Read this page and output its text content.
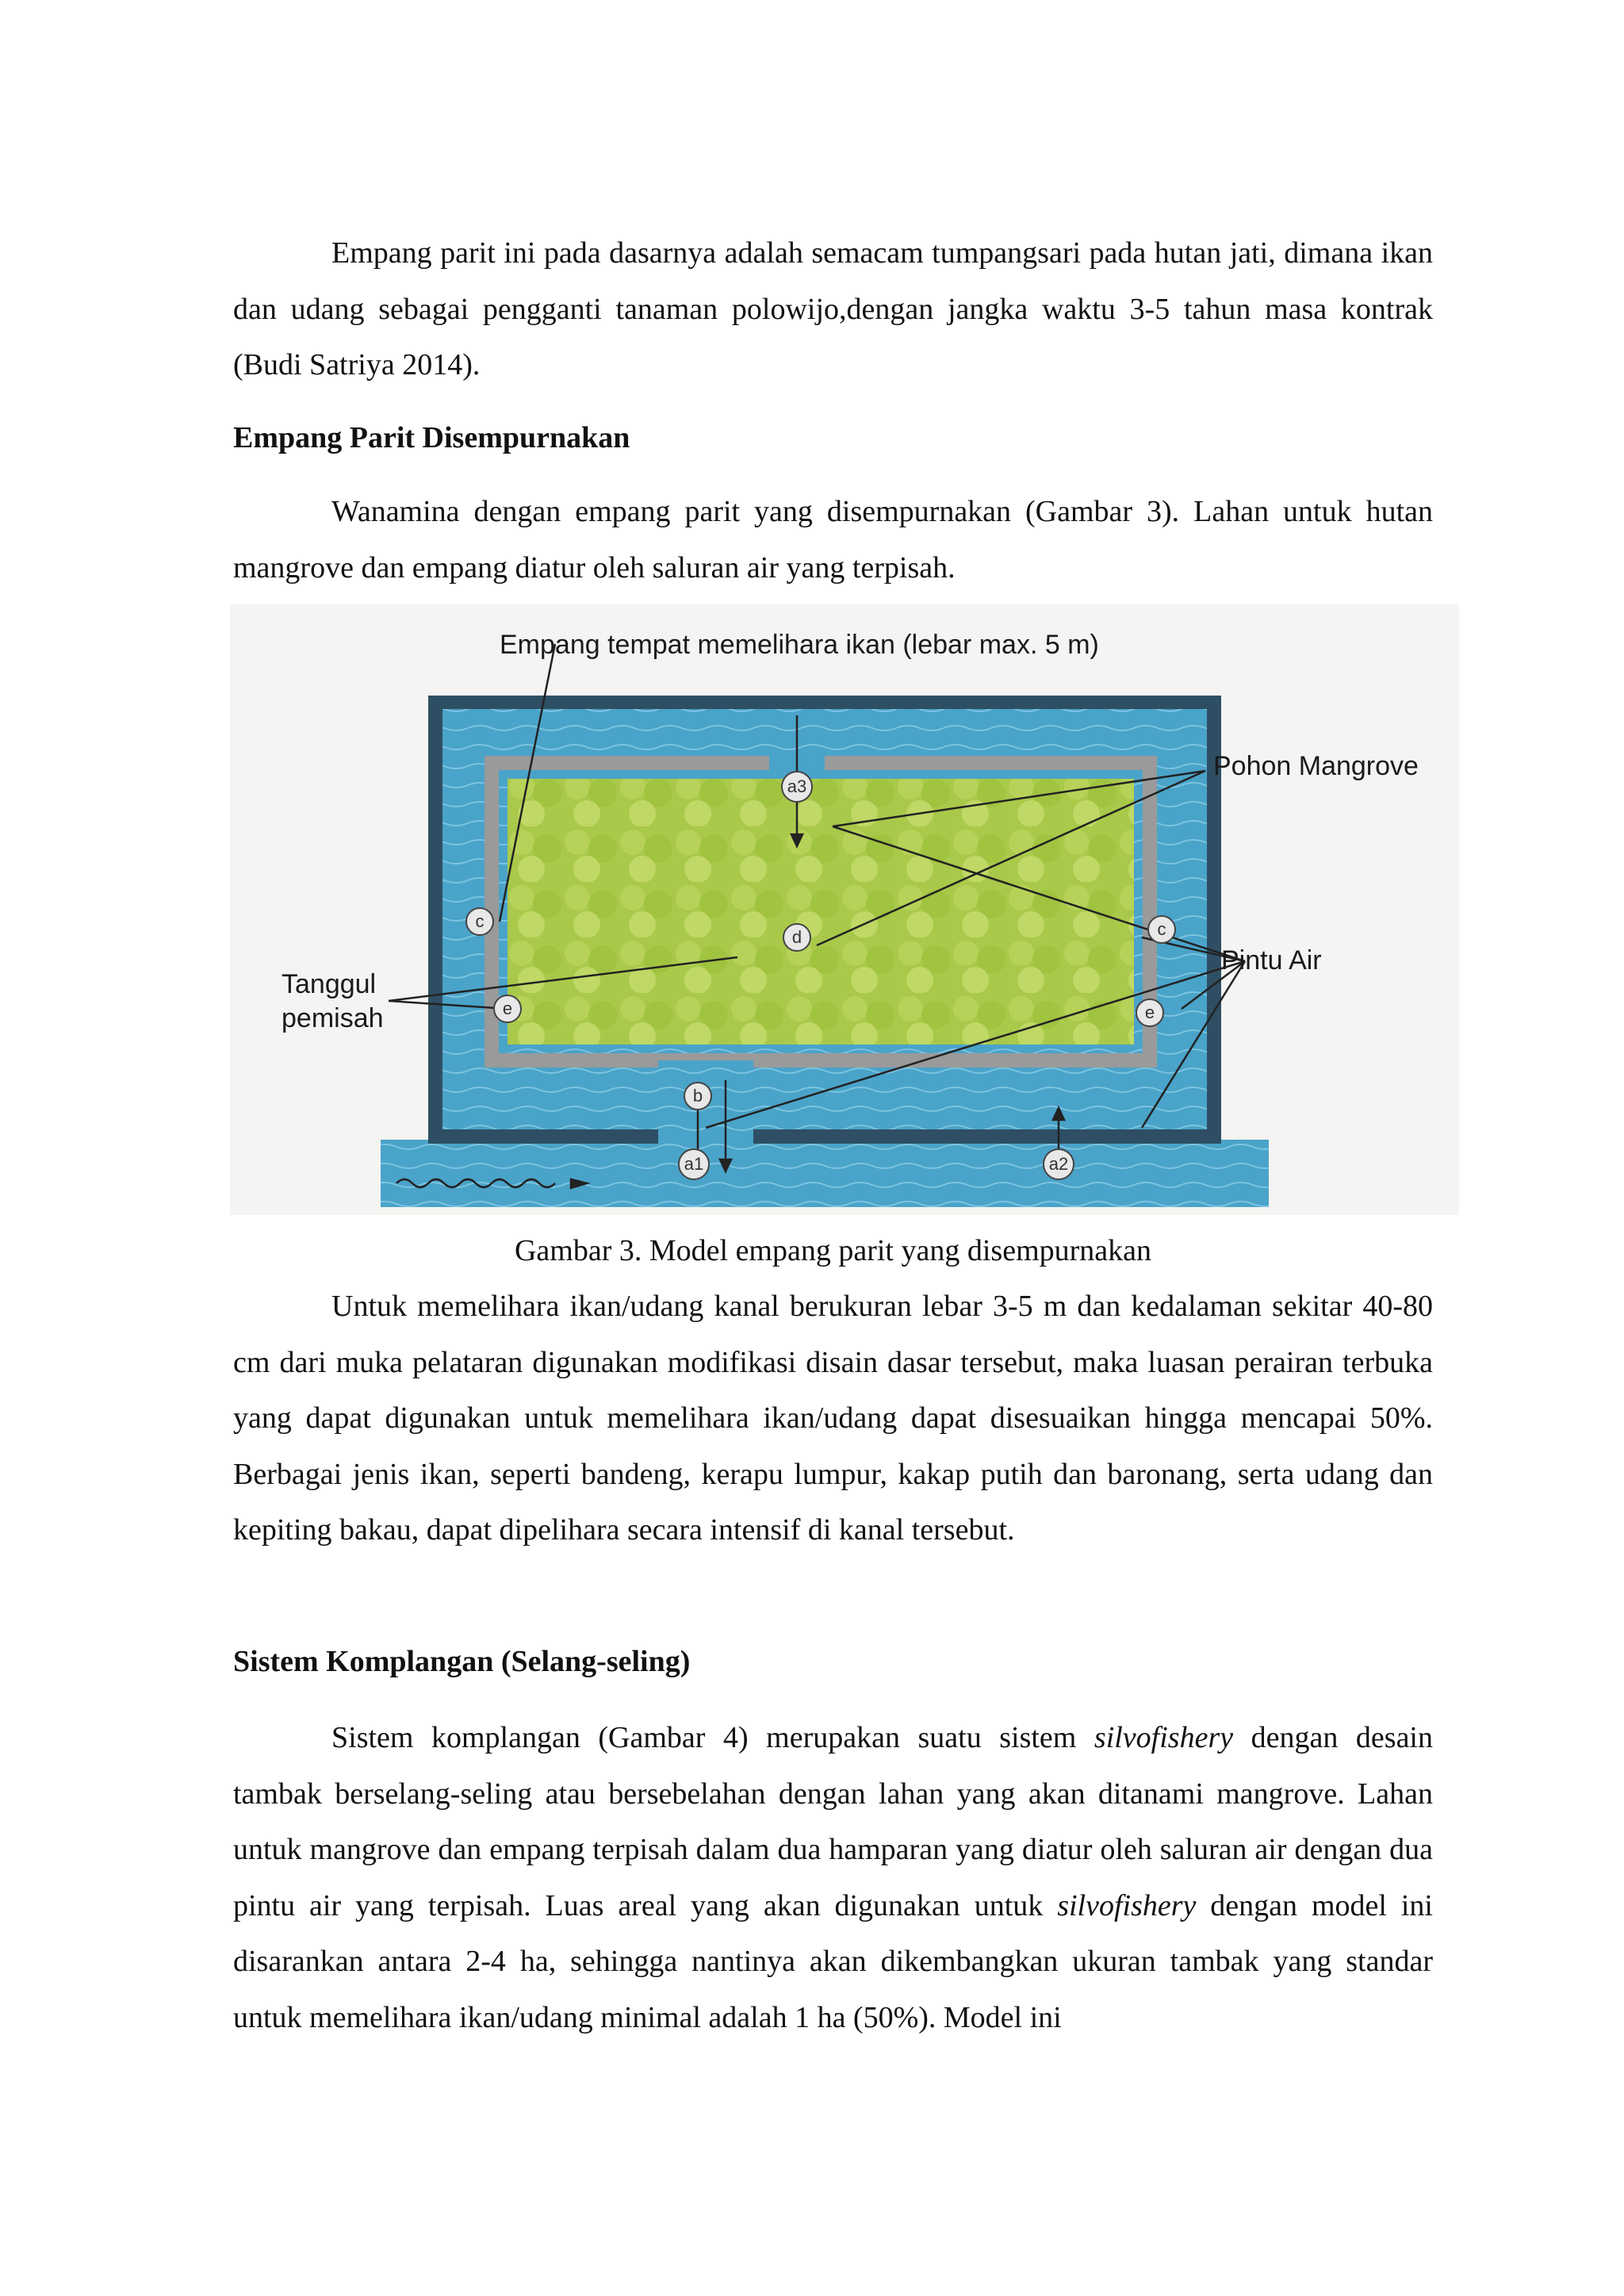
Empang parit ini pada dasarnya adalah semacam tumpangsari pada hutan jati, dimana ikan dan udang sebagai pengganti tanaman polowijo,dengan jangka waktu 3-5 tahun masa kontrak (Budi Satriya 2014).

Empang Parit Disempurnakan

Wanamina dengan empang parit yang disempurnakan (Gambar 3). Lahan untuk hutan mangrove dan empang diatur oleh saluran air yang terpisah.

c	c
d
e	e
b
a1	a2
a3
Empang tempat memelihara ikan (lebar max. 5 m)
Pohon Mangrove
Pintu Air
Tanggul
pemisah

Gambar 3. Model empang parit yang disempurnakan

Untuk memelihara ikan/udang kanal berukuran lebar 3-5 m dan kedalaman sekitar 40-80 cm dari muka pelataran digunakan modifikasi disain dasar tersebut, maka luasan perairan terbuka yang dapat digunakan untuk memelihara ikan/udang dapat disesuaikan hingga mencapai 50%. Berbagai jenis ikan, seperti bandeng, kerapu lumpur, kakap putih dan baronang, serta udang dan kepiting bakau, dapat dipelihara secara intensif di kanal tersebut.

Sistem Komplangan (Selang-seling)

Sistem komplangan (Gambar 4) merupakan suatu sistem silvofishery dengan desain tambak berselang-seling atau bersebelahan dengan lahan yang akan ditanami mangrove. Lahan untuk mangrove dan empang terpisah dalam dua hamparan yang diatur oleh saluran air dengan dua pintu air yang terpisah. Luas areal yang akan digunakan untuk silvofishery dengan model ini disarankan antara 2-4 ha, sehingga nantinya akan dikembangkan ukuran tambak yang standar untuk memelihara ikan/udang minimal adalah 1 ha (50%). Model ini
